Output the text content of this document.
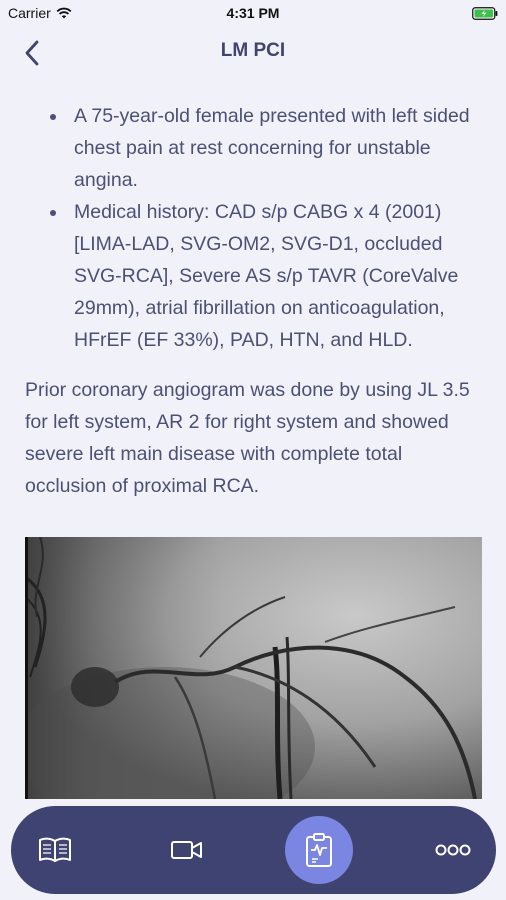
Carrier	4:31 PM
LM PCI
A 75-year-old female presented with left sided chest pain at rest concerning for unstable angina.
Medical history: CAD s/p CABG x 4 (2001) [LIMA-LAD, SVG-OM2, SVG-D1, occluded SVG-RCA], Severe AS s/p TAVR (CoreValve 29mm), atrial fibrillation on anticoagulation, HFrEF (EF 33%), PAD, HTN, and HLD.

Prior coronary angiogram was done by using JL 3.5 for left system, AR 2 for right system and showed severe left main disease with complete total occlusion of proximal RCA.
